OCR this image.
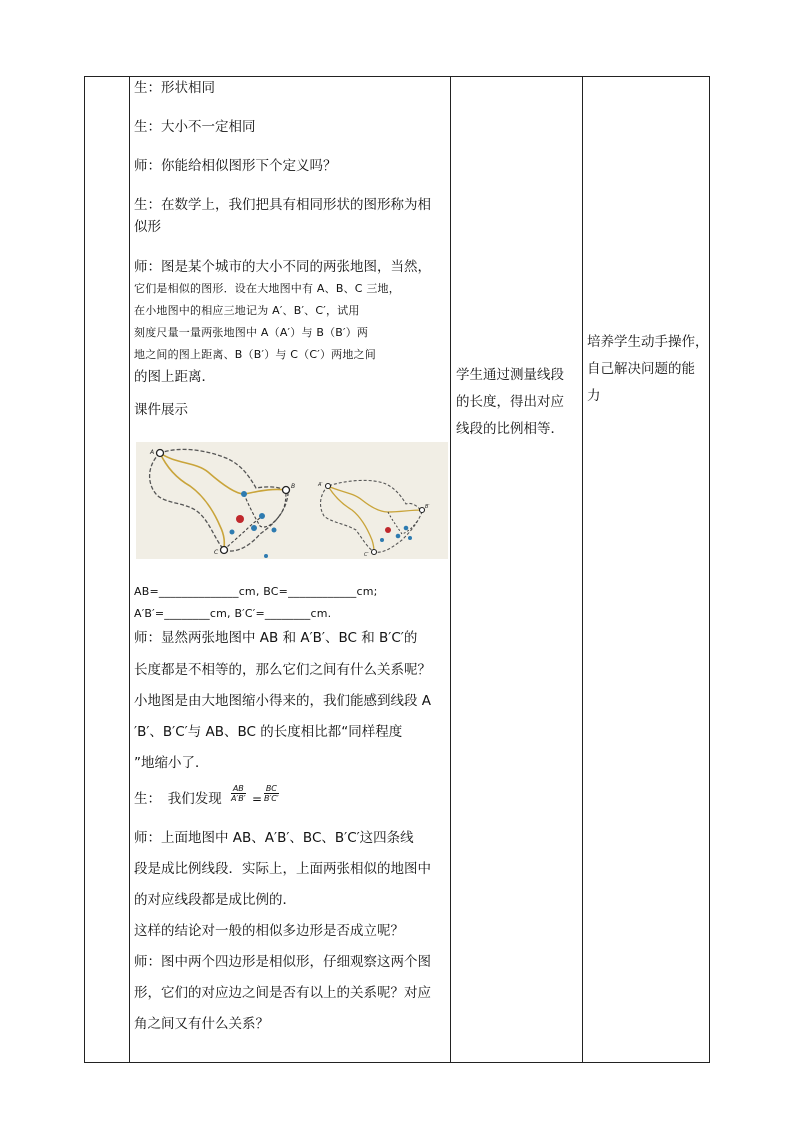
生：形状相同
生：大小不一定相同
师：你能给相似图形下个定义吗？
生：在数学上，我们把具有相同形状的图形称为相
似形
师：图是某个城市的大小不同的两张地图，当然，
它们是相似的图形．设在大地图中有 A、B、C 三地，
在小地图中的相应三地记为 A′、B′、C′，试用
刻度尺量一量两张地图中 A（A′）与 B（B′）两
地之间的图上距离、B（B′）与 C（C′）两地之间
的图上距离．
课件展示
A
B
C
A′
B′
C′
AB=______________cm, BC=____________cm;
A′B′=________cm, B′C′=________cm.
师：显然两张地图中 AB 和 A′B′、BC 和 B′C′的
长度都是不相等的，那么它们之间有什么关系呢？
小地图是由大地图缩小得来的，我们能感到线段 A
′B′、B′C′与 AB、BC 的长度相比都“同样程度
”地缩小了．
生：　我们发现 $\frac{AB}{A'B'} = \frac{BC}{B'C'}$
师：上面地图中 AB、A′B′、BC、B′C′这四条线
段是成比例线段．实际上，上面两张相似的地图中
的对应线段都是成比例的．
这样的结论对一般的相似多边形是否成立呢？
师：图中两个四边形是相似形，仔细观察这两个图
形，它们的对应边之间是否有以上的关系呢？对应
角之间又有什么关系？
学生通过测量线段
的长度，得出对应
线段的比例相等．
培养学生动手操作，
自己解决问题的能
力
